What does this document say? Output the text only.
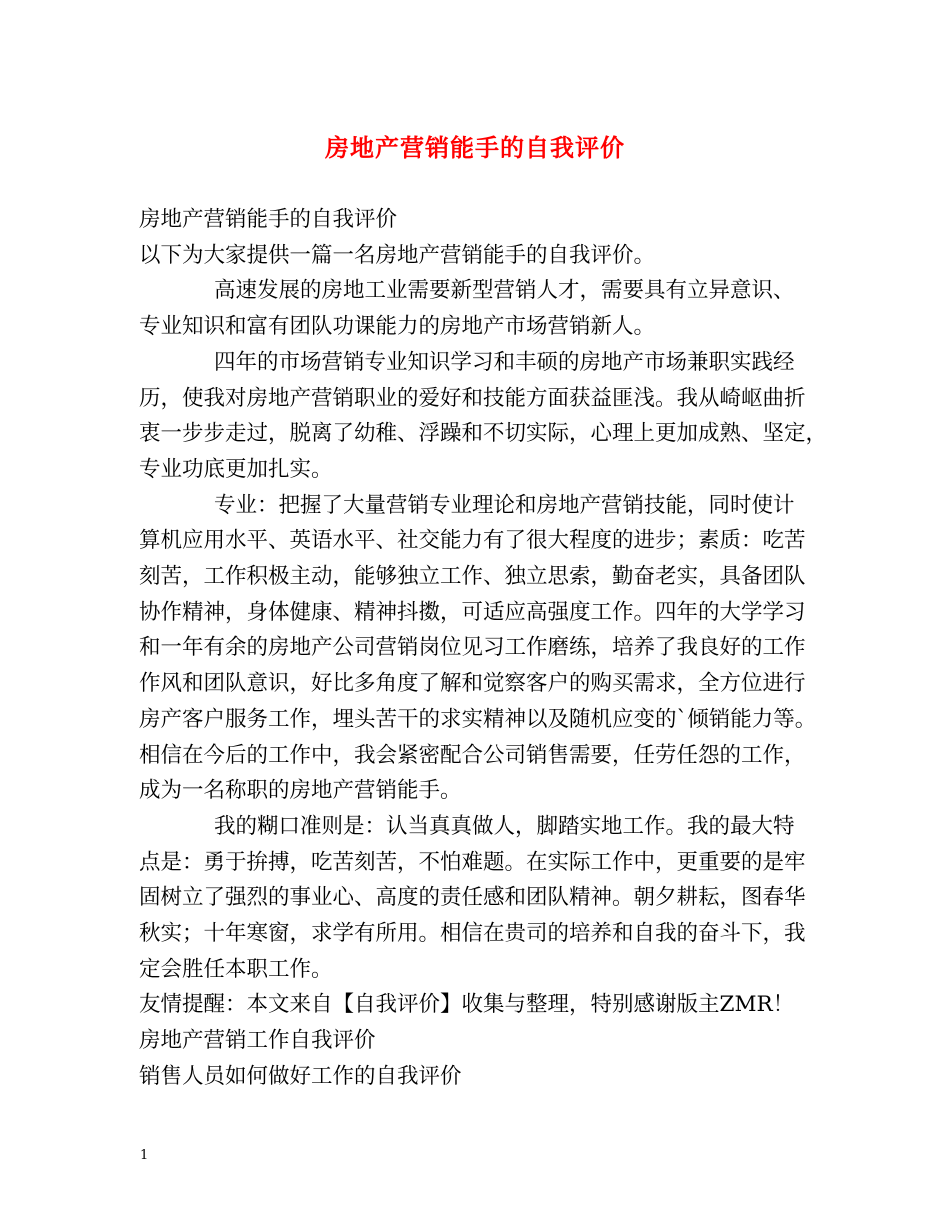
房地产营销能手的自我评价

房地产营销能手的自我评价

以下为大家提供一篇一名房地产营销能手的自我评价。

高速发展的房地工业需要新型营销人才，需要具有立异意识、

专业知识和富有团队功课能力的房地产市场营销新人。

四年的市场营销专业知识学习和丰硕的房地产市场兼职实践经

历，使我对房地产营销职业的爱好和技能方面获益匪浅。我从崎岖曲折

衷一步步走过，脱离了幼稚、浮躁和不切实际，心理上更加成熟、坚定，

专业功底更加扎实。

专业：把握了大量营销专业理论和房地产营销技能，同时使计

算机应用水平、英语水平、社交能力有了很大程度的进步；素质：吃苦

刻苦，工作积极主动，能够独立工作、独立思索，勤奋老实，具备团队

协作精神，身体健康、精神抖擞，可适应高强度工作。四年的大学学习

和一年有余的房地产公司营销岗位见习工作磨练，培养了我良好的工作

作风和团队意识，好比多角度了解和觉察客户的购买需求，全方位进行

房产客户服务工作，埋头苦干的求实精神以及随机应变的`倾销能力等。

相信在今后的工作中，我会紧密配合公司销售需要，任劳任怨的工作，

成为一名称职的房地产营销能手。

我的糊口准则是：认当真真做人，脚踏实地工作。我的最大特

点是：勇于拚搏，吃苦刻苦，不怕难题。在实际工作中，更重要的是牢

固树立了强烈的事业心、高度的责任感和团队精神。朝夕耕耘，图春华

秋实；十年寒窗，求学有所用。相信在贵司的培养和自我的奋斗下，我

定会胜任本职工作。

友情提醒：本文来自【自我评价】收集与整理，特别感谢版主ZMR！

房地产营销工作自我评价

销售人员如何做好工作的自我评价

1
